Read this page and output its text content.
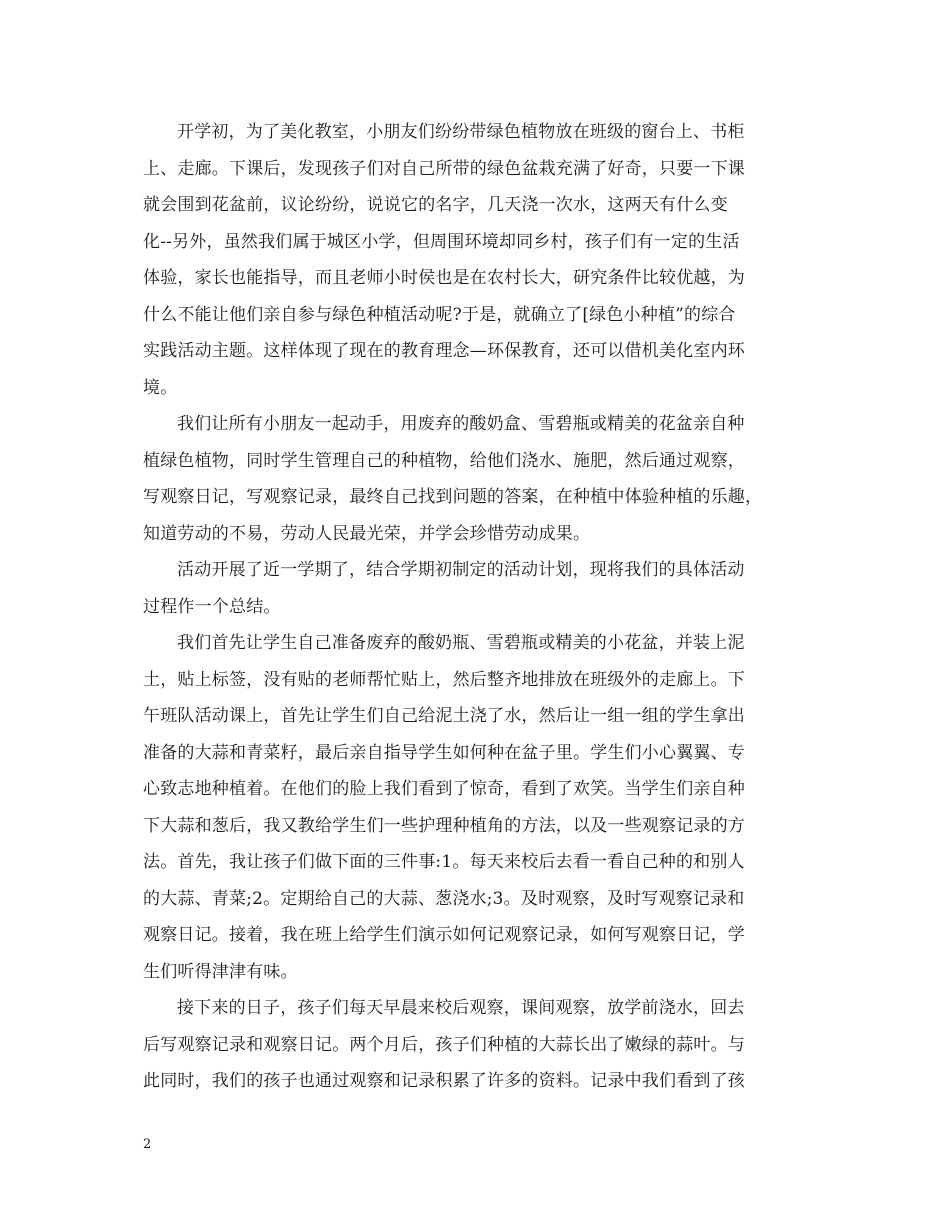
开学初，为了美化教室，小朋友们纷纷带绿色植物放在班级的窗台上、书柜
上、走廊。下课后，发现孩子们对自己所带的绿色盆栽充满了好奇，只要一下课
就会围到花盆前，议论纷纷，说说它的名字，几天浇一次水，这两天有什么变
化--另外，虽然我们属于城区小学，但周围环境却同乡村，孩子们有一定的生活
体验，家长也能指导，而且老师小时侯也是在农村长大，研究条件比较优越，为
什么不能让他们亲自参与绿色种植活动呢?于是，就确立了[绿色小种植”的综合
实践活动主题。这样体现了现在的教育理念—环保教育，还可以借机美化室内环
境。
我们让所有小朋友一起动手，用废弃的酸奶盒、雪碧瓶或精美的花盆亲自种
植绿色植物，同时学生管理自己的种植物，给他们浇水、施肥，然后通过观察，
写观察日记，写观察记录，最终自己找到问题的答案，在种植中体验种植的乐趣，
知道劳动的不易，劳动人民最光荣，并学会珍惜劳动成果。
活动开展了近一学期了，结合学期初制定的活动计划，现将我们的具体活动
过程作一个总结。
我们首先让学生自己准备废弃的酸奶瓶、雪碧瓶或精美的小花盆，并装上泥
土，贴上标签，没有贴的老师帮忙贴上，然后整齐地排放在班级外的走廊上。下
午班队活动课上，首先让学生们自己给泥土浇了水，然后让一组一组的学生拿出
准备的大蒜和青菜籽，最后亲自指导学生如何种在盆子里。学生们小心翼翼、专
心致志地种植着。在他们的脸上我们看到了惊奇，看到了欢笑。当学生们亲自种
下大蒜和葱后，我又教给学生们一些护理种植角的方法，以及一些观察记录的方
法。首先，我让孩子们做下面的三件事:1。每天来校后去看一看自己种的和别人
的大蒜、青菜;2。定期给自己的大蒜、葱浇水;3。及时观察，及时写观察记录和
观察日记。接着，我在班上给学生们演示如何记观察记录，如何写观察日记，学
生们听得津津有味。
接下来的日子，孩子们每天早晨来校后观察，课间观察，放学前浇水，回去
后写观察记录和观察日记。两个月后，孩子们种植的大蒜长出了嫩绿的蒜叶。与
此同时，我们的孩子也通过观察和记录积累了许多的资料。记录中我们看到了孩
2
